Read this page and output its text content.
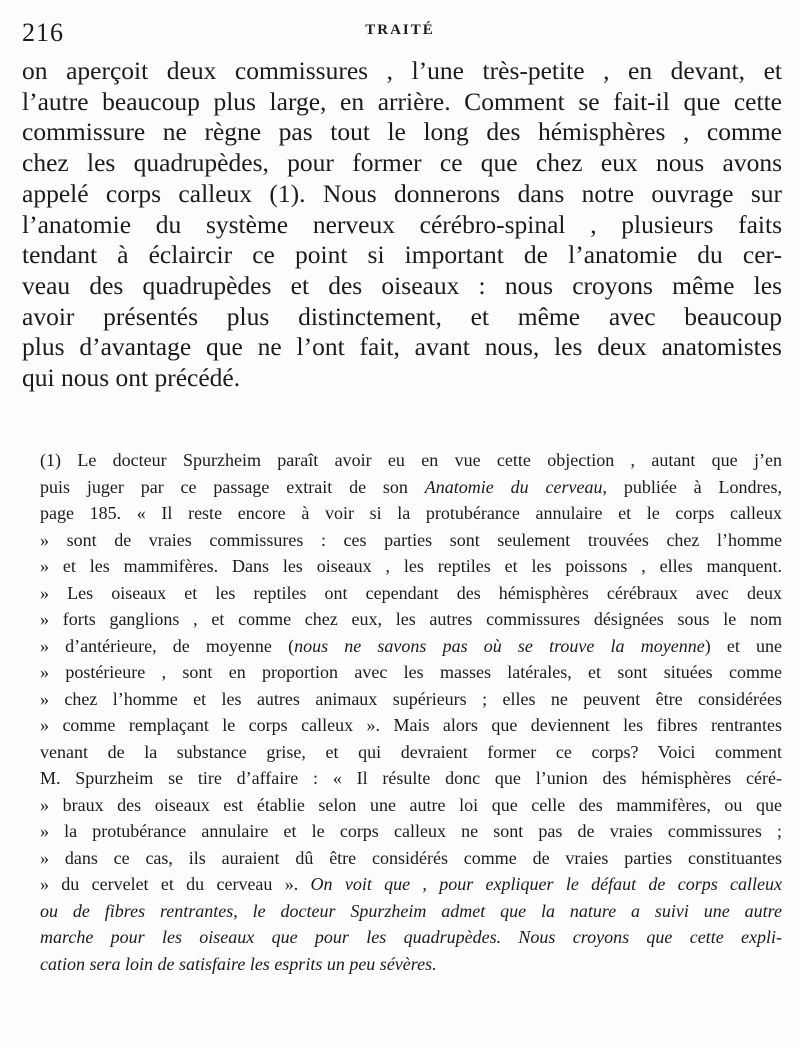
216	TRAITÉ
on aperçoit deux commissures , l’une très-petite , en devant, et
l’autre beaucoup plus large, en arrière. Comment se fait-il que cette
commissure ne règne pas tout le long des hémisphères , comme
chez les quadrupèdes, pour former ce que chez eux nous avons
appelé corps calleux (1). Nous donnerons dans notre ouvrage sur
l’anatomie du système nerveux cérébro-spinal , plusieurs faits
tendant à éclaircir ce point si important de l’anatomie du cer-
veau des quadrupèdes et des oiseaux : nous croyons même les
avoir présentés plus distinctement, et même avec beaucoup
plus d’avantage que ne l’ont fait, avant nous, les deux anatomistes
qui nous ont précédé.
(1) Le docteur Spurzheim paraît avoir eu en vue cette objection , autant que j’en
puis juger par ce passage extrait de son Anatomie du cerveau, publiée à Londres,
page 185. « Il reste encore à voir si la protubérance annulaire et le corps calleux
» sont de vraies commissures : ces parties sont seulement trouvées chez l’homme
» et les mammifères. Dans les oiseaux , les reptiles et les poissons , elles manquent.
» Les oiseaux et les reptiles ont cependant des hémisphères cérébraux avec deux
» forts ganglions , et comme chez eux, les autres commissures désignées sous le nom
» d’antérieure, de moyenne (nous ne savons pas où se trouve la moyenne) et une
» postérieure , sont en proportion avec les masses latérales, et sont situées comme
» chez l’homme et les autres animaux supérieurs ; elles ne peuvent être considérées
» comme remplaçant le corps calleux ». Mais alors que deviennent les fibres rentrantes
venant de la substance grise, et qui devraient former ce corps? Voici comment
M. Spurzheim se tire d’affaire : « Il résulte donc que l’union des hémisphères céré-
» braux des oiseaux est établie selon une autre loi que celle des mammifères, ou que
» la protubérance annulaire et le corps calleux ne sont pas de vraies commissures ;
» dans ce cas, ils auraient dû être considérés comme de vraies parties constituantes
» du cervelet et du cerveau ». On voit que , pour expliquer le défaut de corps calleux
ou de fibres rentrantes, le docteur Spurzheim admet que la nature a suivi une autre
marche pour les oiseaux que pour les quadrupèdes. Nous croyons que cette expli-
cation sera loin de satisfaire les esprits un peu sévères.
